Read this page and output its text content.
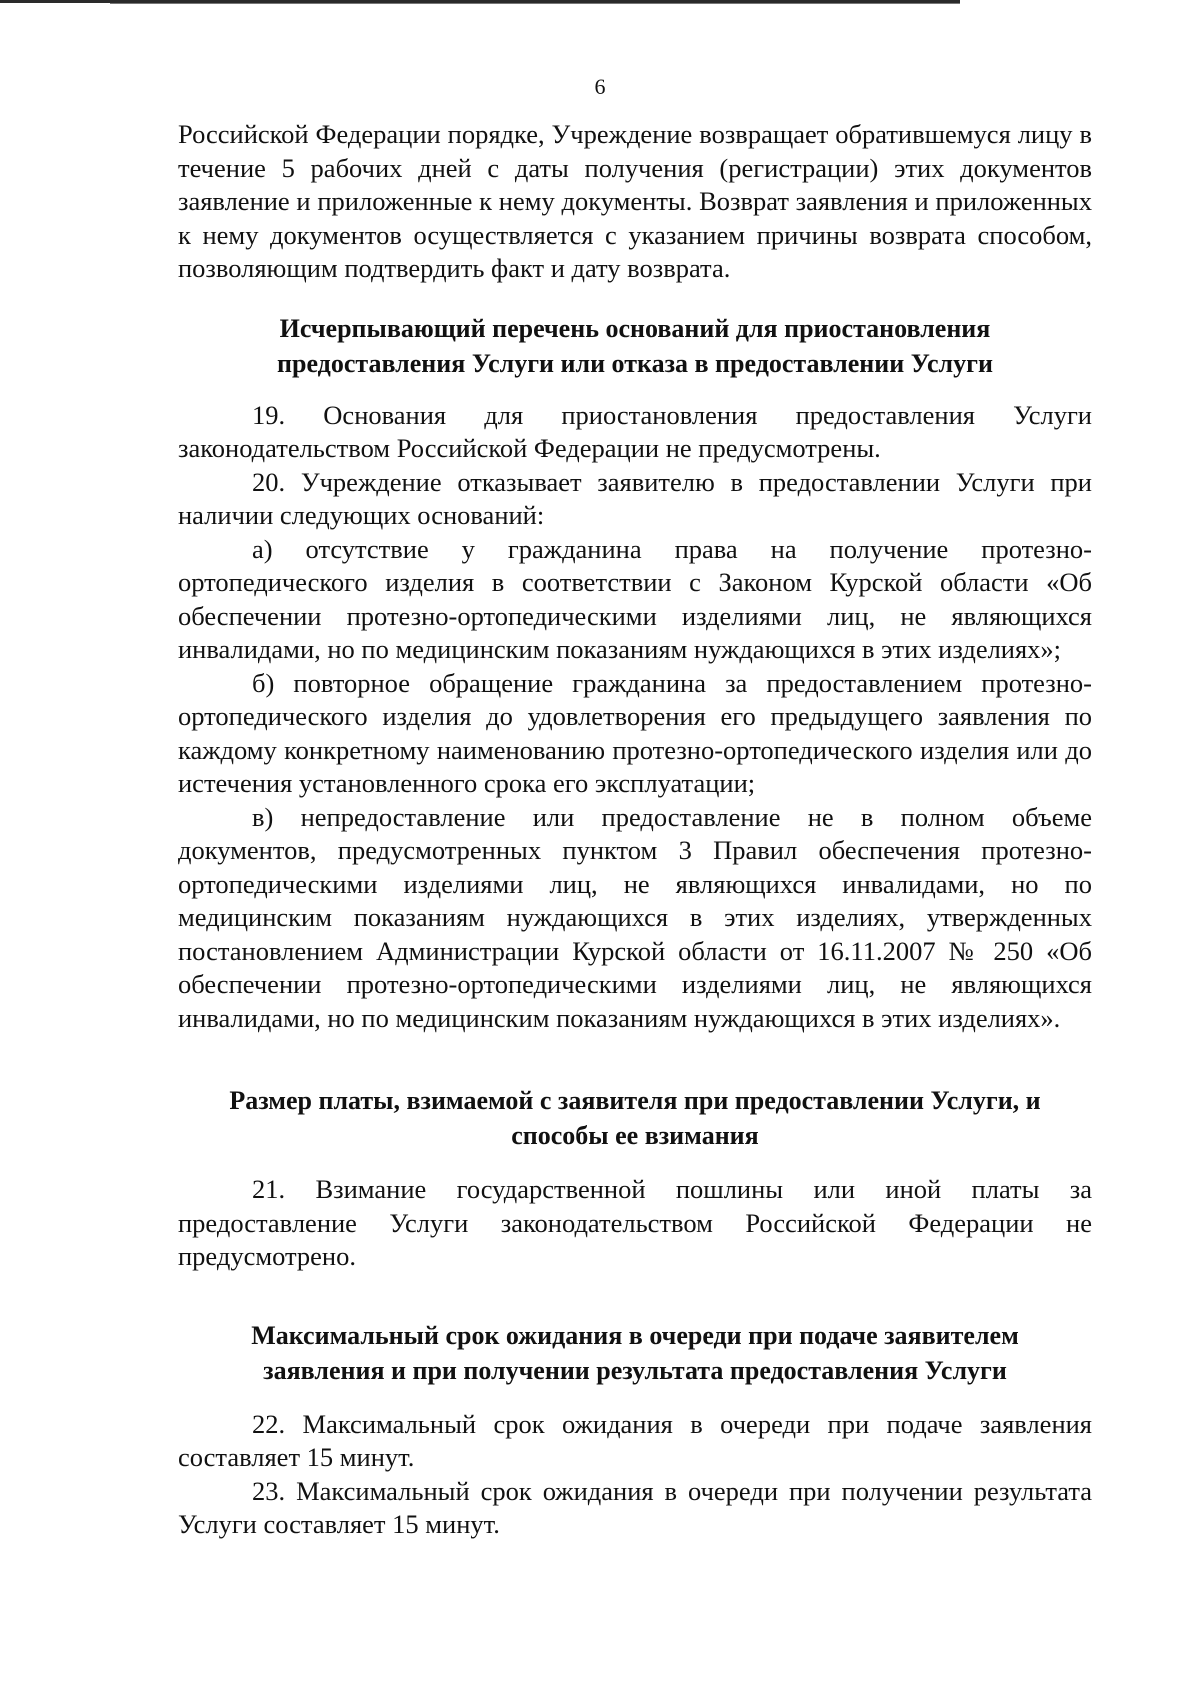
6

Российской Федерации порядке, Учреждение возвращает обратившемуся лицу в течение 5 рабочих дней с даты получения (регистрации) этих документов заявление и приложенные к нему документы. Возврат заявления и приложенных к нему документов осуществляется с указанием причины возврата способом, позволяющим подтвердить факт и дату возврата.

Исчерпывающий перечень оснований для приостановления
предоставления Услуги или отказа в предоставлении Услуги

19. Основания для приостановления предоставления Услуги законодательством Российской Федерации не предусмотрены.

20. Учреждение отказывает заявителю в предоставлении Услуги при наличии следующих оснований:

а) отсутствие у гражданина права на получение протезно-ортопедического изделия в соответствии с Законом Курской области «Об обеспечении протезно-ортопедическими изделиями лиц, не являющихся инвалидами, но по медицинским показаниям нуждающихся в этих изделиях»;

б) повторное обращение гражданина за предоставлением протезно-ортопедического изделия до удовлетворения его предыдущего заявления по каждому конкретному наименованию протезно-ортопедического изделия или до истечения установленного срока его эксплуатации;

в) непредоставление или предоставление не в полном объеме документов, предусмотренных пунктом 3 Правил обеспечения протезно-ортопедическими изделиями лиц, не являющихся инвалидами, но по медицинским показаниям нуждающихся в этих изделиях, утвержденных постановлением Администрации Курской области от 16.11.2007 № 250 «Об обеспечении протезно-ортопедическими изделиями лиц, не являющихся инвалидами, но по медицинским показаниям нуждающихся в этих изделиях».

Размер платы, взимаемой с заявителя при предоставлении Услуги, и
способы ее взимания

21. Взимание государственной пошлины или иной платы за предоставление Услуги законодательством Российской Федерации не предусмотрено.

Максимальный срок ожидания в очереди при подаче заявителем
заявления и при получении результата предоставления Услуги

22. Максимальный срок ожидания в очереди при подаче заявления составляет 15 минут.

23. Максимальный срок ожидания в очереди при получении результата Услуги составляет 15 минут.
